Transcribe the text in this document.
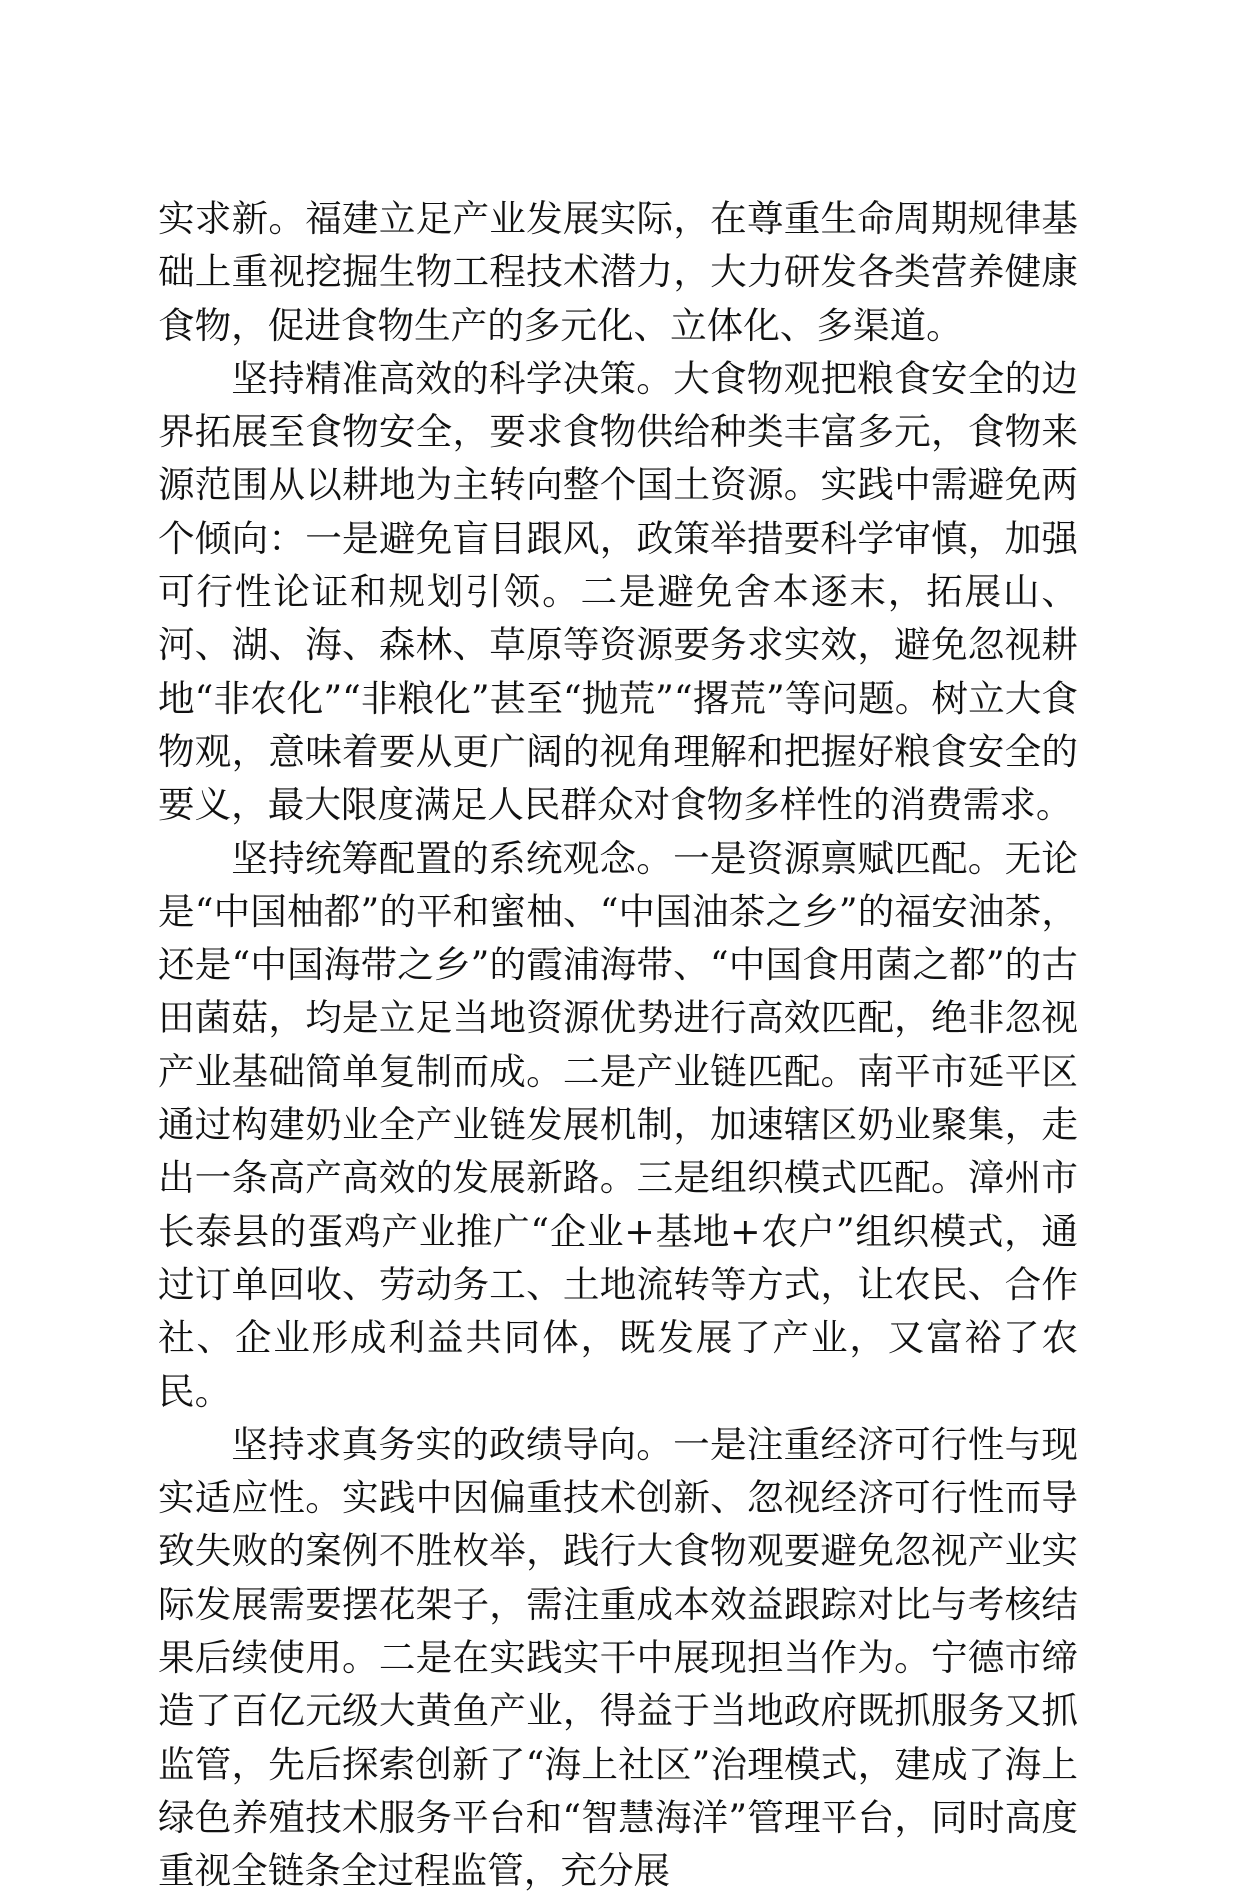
实求新。福建立足产业发展实际，在尊重生命周期规律基础上重视挖掘生物工程技术潜力，大力研发各类营养健康食物，促进食物生产的多元化、立体化、多渠道。

坚持精准高效的科学决策。大食物观把粮食安全的边界拓展至食物安全，要求食物供给种类丰富多元，食物来源范围从以耕地为主转向整个国土资源。实践中需避免两个倾向：一是避免盲目跟风，政策举措要科学审慎，加强可行性论证和规划引领。二是避免舍本逐末，拓展山、河、湖、海、森林、草原等资源要务求实效，避免忽视耕地“非农化”“非粮化”甚至“抛荒”“撂荒”等问题。树立大食物观，意味着要从更广阔的视角理解和把握好粮食安全的要义，最大限度满足人民群众对食物多样性的消费需求。

坚持统筹配置的系统观念。一是资源禀赋匹配。无论是“中国柚都”的平和蜜柚、“中国油茶之乡”的福安油茶，还是“中国海带之乡”的霞浦海带、“中国食用菌之都”的古田菌菇，均是立足当地资源优势进行高效匹配，绝非忽视产业基础简单复制而成。二是产业链匹配。南平市延平区通过构建奶业全产业链发展机制，加速辖区奶业聚集，走出一条高产高效的发展新路。三是组织模式匹配。漳州市长泰县的蛋鸡产业推广“企业+基地+农户”组织模式，通过订单回收、劳动务工、土地流转等方式，让农民、合作社、企业形成利益共同体，既发展了产业，又富裕了农民。

坚持求真务实的政绩导向。一是注重经济可行性与现实适应性。实践中因偏重技术创新、忽视经济可行性而导致失败的案例不胜枚举，践行大食物观要避免忽视产业实际发展需要摆花架子，需注重成本效益跟踪对比与考核结果后续使用。二是在实践实干中展现担当作为。宁德市缔造了百亿元级大黄鱼产业，得益于当地政府既抓服务又抓监管，先后探索创新了“海上社区”治理模式，建成了海上绿色养殖技术服务平台和“智慧海洋”管理平台，同时高度重视全链条全过程监管，充分展
